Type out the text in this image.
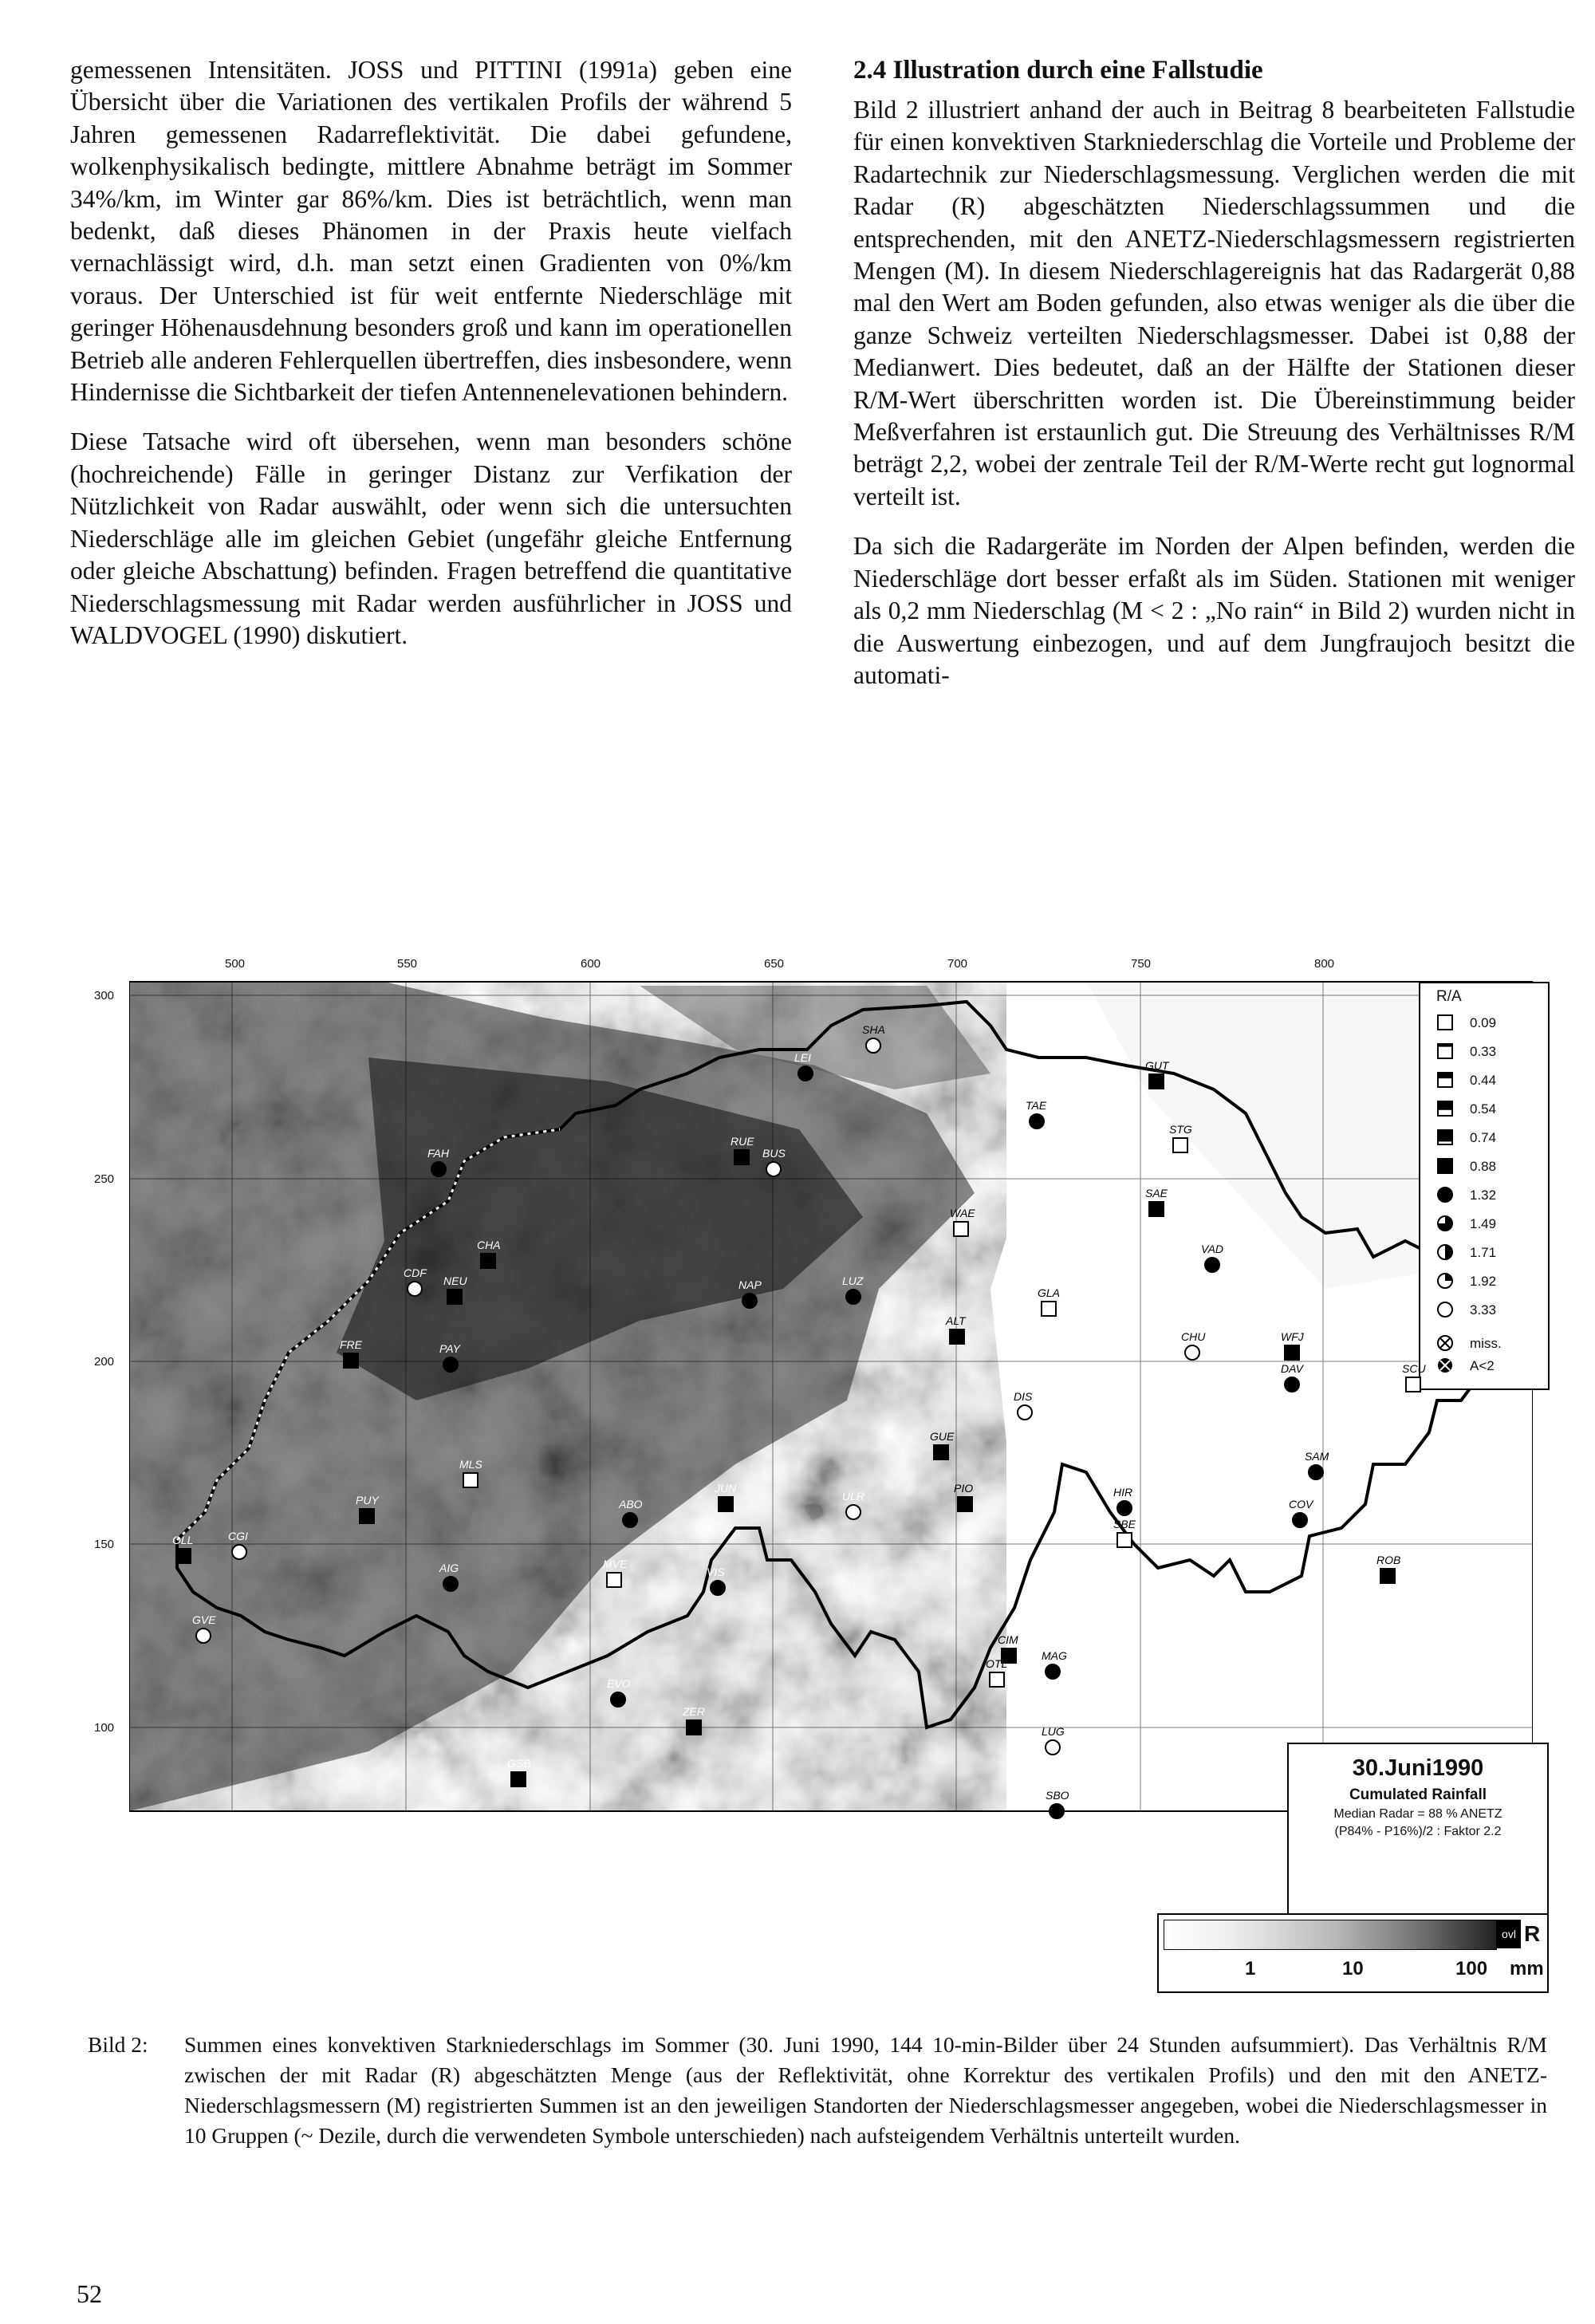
gemessenen Intensitäten. JOSS und PITTINI (1991a) geben eine Übersicht über die Variationen des vertikalen Profils der während 5 Jahren gemessenen Radarreflektivität. Die dabei gefundene, wolkenphysikalisch bedingte, mittlere Abnahme beträgt im Sommer 34%/km, im Winter gar 86%/km. Dies ist beträchtlich, wenn man bedenkt, daß dieses Phänomen in der Praxis heute vielfach vernachlässigt wird, d.h. man setzt einen Gradienten von 0%/km voraus. Der Unterschied ist für weit entfernte Niederschläge mit geringer Höhenausdehnung besonders groß und kann im operationellen Betrieb alle anderen Fehlerquellen übertreffen, dies insbesondere, wenn Hindernisse die Sichtbarkeit der tiefen Antennenelevationen behindern.

Diese Tatsache wird oft übersehen, wenn man besonders schöne (hochreichende) Fälle in geringer Distanz zur Verfikation der Nützlichkeit von Radar auswählt, oder wenn sich die untersuchten Niederschläge alle im gleichen Gebiet (ungefähr gleiche Entfernung oder gleiche Abschattung) befinden. Fragen betreffend die quantitative Niederschlagsmessung mit Radar werden ausführlicher in JOSS und WALDVOGEL (1990) diskutiert.

2.4 Illustration durch eine Fallstudie

Bild 2 illustriert anhand der auch in Beitrag 8 bearbeiteten Fallstudie für einen konvektiven Starkniederschlag die Vorteile und Probleme der Radartechnik zur Niederschlagsmessung. Verglichen werden die mit Radar (R) abgeschätzten Niederschlagssummen und die entsprechenden, mit den ANETZ-Niederschlagsmessern registrierten Mengen (M). In diesem Niederschlagereignis hat das Radargerät 0,88 mal den Wert am Boden gefunden, also etwas weniger als die über die ganze Schweiz verteilten Niederschlagsmesser. Dabei ist 0,88 der Medianwert. Dies bedeutet, daß an der Hälfte der Stationen dieser R/M-Wert überschritten worden ist. Die Übereinstimmung beider Meßverfahren ist erstaunlich gut. Die Streuung des Verhältnisses R/M beträgt 2,2, wobei der zentrale Teil der R/M-Werte recht gut lognormal verteilt ist.

Da sich die Radargeräte im Norden der Alpen befinden, werden die Niederschläge dort besser erfaßt als im Süden. Stationen mit weniger als 0,2 mm Niederschlag (M < 2 : „No rain“ in Bild 2) wurden nicht in die Auswertung einbezogen, und auf dem Jungfraujoch besitzt die automati-

500	550	600	650	700	750	800
300
250
200
150
100
R/A
0.09
0.33
0.44
0.54
0.74
0.88
1.32
1.49
1.71
1.92
3.33
miss.
A<2
30.Juni1990
Cumulated Rainfall
Median Radar = 88 % ANETZ
(P84% - P16%)/2 : Faktor 2.2
ovl R
1	10	100 mm
SHA
GUT
TAE
STG
LEI
RUE
BUS
SAE
FAH
WAE
VAD
CHA
CDF
NEU	LUZ
GLA
NAP
ALT
CHU	WFJ
DAV	SCU
PAY
FRE
DIS
GUE
SAM
MLS
ABO
JUN
ULR
PIO	HIR
SBE
COV
PUY
CGI
OLL
AIG	MVE
VIS
ROB
GVE
CIM
MAG
OTL
EVO
ZER
LUG
GSB
SBO
Bild 2:	Summen eines konvektiven Starkniederschlags im Sommer (30. Juni 1990, 144 10-min-Bilder über 24 Stunden aufsummiert). Das Verhältnis R/M zwischen der mit Radar (R) abgeschätzten Menge (aus der Reflektivität, ohne Korrektur des vertikalen Profils) und den mit den ANETZ-Niederschlagsmessern (M) registrierten Summen ist an den jeweiligen Standorten der Niederschlagsmesser angegeben, wobei die Niederschlagsmesser in 10 Gruppen (~ Dezile, durch die verwendeten Symbole unterschieden) nach aufsteigendem Verhältnis unterteilt wurden.
52
